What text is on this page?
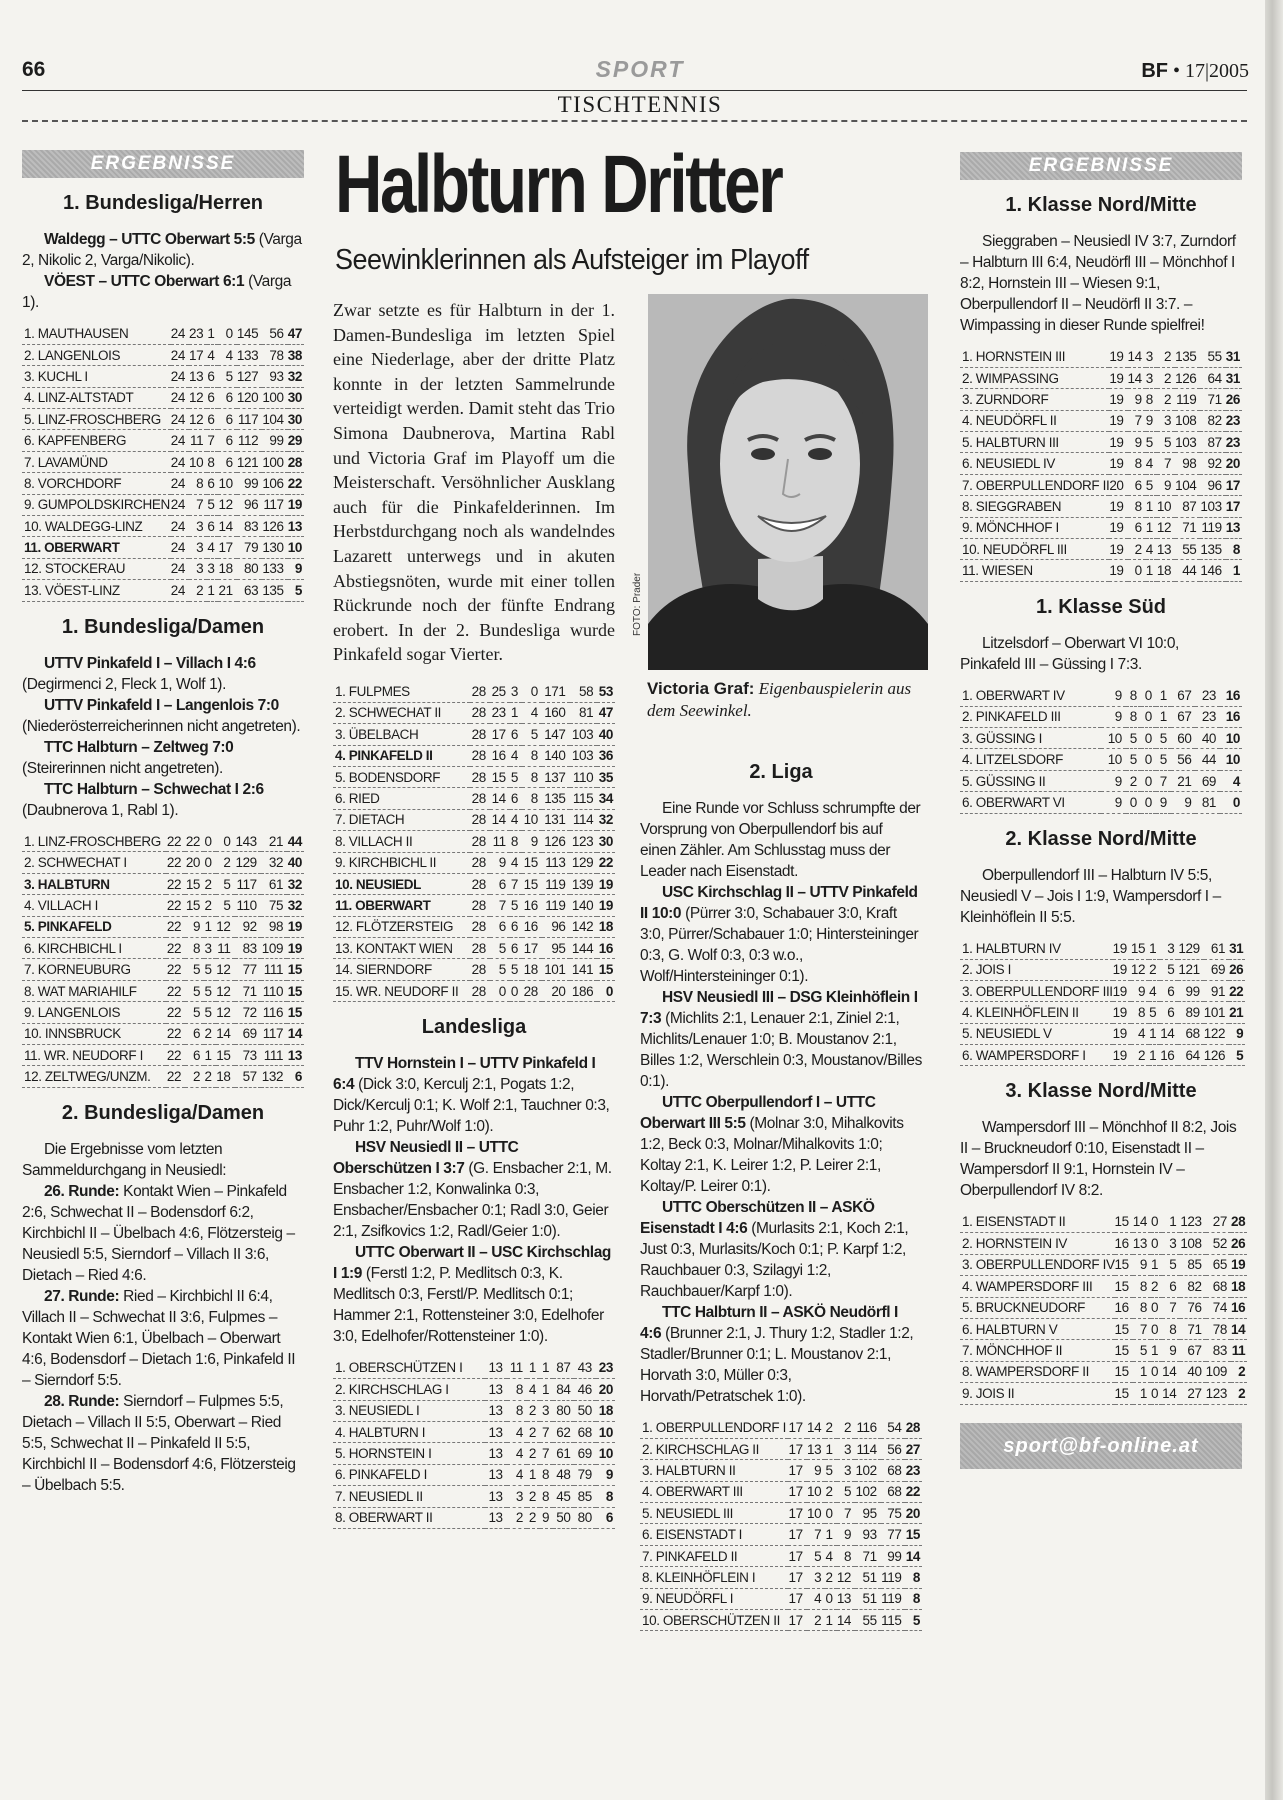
66	SPORT	BF • 17|2005
TISCHTENNIS
ERGEBNISSE
1. Bundesliga/Herren
Waldegg – UTTC Oberwart 5:5 (Varga 2, Nikolic 2, Varga/Nikolic).
VÖEST – UTTC Oberwart 6:1 (Varga 1).
1. MAUTHAUSEN	24	23	1	0	145	56	47
2. LANGENLOIS	24	17	4	4	133	78	38
3. KUCHL I	24	13	6	5	127	93	32
4. LINZ-ALTSTADT	24	12	6	6	120	100	30
5. LINZ-FROSCHBERG	24	12	6	6	117	104	30
6. KAPFENBERG	24	11	7	6	112	99	29
7. LAVAMÜND	24	10	8	6	121	100	28
8. VORCHDORF	24	8	6	10	99	106	22
9. GUMPOLDSKIRCHEN	24	7	5	12	96	117	19
10. WALDEGG-LINZ	24	3	6	14	83	126	13
11. OBERWART	24	3	4	17	79	130	10
12. STOCKERAU	24	3	3	18	80	133	9
13. VÖEST-LINZ	24	2	1	21	63	135	5
1. Bundesliga/Damen
UTTV Pinkafeld I – Villach I 4:6 (Degirmenci 2, Fleck 1, Wolf 1).
UTTV Pinkafeld I – Langenlois 7:0 (Niederösterreicherinnen nicht angetreten).
TTC Halbturn – Zeltweg 7:0 (Steirerinnen nicht angetreten).
TTC Halbturn – Schwechat I 2:6 (Daubnerova 1, Rabl 1).
1. LINZ-FROSCHBERG	22	22	0	0	143	21	44
2. SCHWECHAT I	22	20	0	2	129	32	40
3. HALBTURN	22	15	2	5	117	61	32
4. VILLACH I	22	15	2	5	110	75	32
5. PINKAFELD	22	9	1	12	92	98	19
6. KIRCHBICHL I	22	8	3	11	83	109	19
7. KORNEUBURG	22	5	5	12	77	111	15
8. WAT MARIAHILF	22	5	5	12	71	110	15
9. LANGENLOIS	22	5	5	12	72	116	15
10. INNSBRUCK	22	6	2	14	69	117	14
11. WR. NEUDORF I	22	6	1	15	73	111	13
12. ZELTWEG/UNZM.	22	2	2	18	57	132	6
2. Bundesliga/Damen
Die Ergebnisse vom letzten Sammeldurchgang in Neusiedl:
26. Runde: Kontakt Wien – Pinkafeld 2:6, Schwechat II – Bodensdorf 6:2, Kirchbichl II – Übelbach 4:6, Flötzersteig – Neusiedl 5:5, Sierndorf – Villach II 3:6, Dietach – Ried 4:6.
27. Runde: Ried – Kirchbichl II 6:4, Villach II – Schwechat II 3:6, Fulpmes – Kontakt Wien 6:1, Übelbach – Oberwart 4:6, Bodensdorf – Dietach 1:6, Pinkafeld II – Sierndorf 5:5.
28. Runde: Sierndorf – Fulpmes 5:5, Dietach – Villach II 5:5, Oberwart – Ried 5:5, Schwechat II – Pinkafeld II 5:5, Kirchbichl II – Bodensdorf 4:6, Flötzersteig – Übelbach 5:5.
Halbturn Dritter
Seewinklerinnen als Aufsteiger im Playoff
Zwar setzte es für Halbturn in der 1. Damen-Bundesliga im letzten Spiel eine Niederlage, aber der dritte Platz konnte in der letzten Sammelrunde verteidigt werden. Damit steht das Trio Simona Daubnerova, Martina Rabl und Victoria Graf im Playoff um die Meisterschaft. Versöhnlicher Ausklang auch für die Pinkafelderinnen. Im Herbstdurchgang noch als wandelndes Lazarett unterwegs und in akuten Abstiegsnöten, wurde mit einer tollen Rückrunde noch der fünfte Endrang erobert. In der 2. Bundesliga wurde Pinkafeld sogar Vierter.
1. FULPMES	28	25	3	0	171	58	53
2. SCHWECHAT II	28	23	1	4	160	81	47
3. ÜBELBACH	28	17	6	5	147	103	40
4. PINKAFELD II	28	16	4	8	140	103	36
5. BODENSDORF	28	15	5	8	137	110	35
6. RIED	28	14	6	8	135	115	34
7. DIETACH	28	14	4	10	131	114	32
8. VILLACH II	28	11	8	9	126	123	30
9. KIRCHBICHL II	28	9	4	15	113	129	22
10. NEUSIEDL	28	6	7	15	119	139	19
11. OBERWART	28	7	5	16	119	140	19
12. FLÖTZERSTEIG	28	6	6	16	96	142	18
13. KONTAKT WIEN	28	5	6	17	95	144	16
14. SIERNDORF	28	5	5	18	101	141	15
15. WR. NEUDORF II	28	0	0	28	20	186	0
Landesliga
TTV Hornstein I – UTTV Pinkafeld I 6:4 (Dick 3:0, Kerculj 2:1, Pogats 1:2, Dick/Kerculj 0:1; K. Wolf 2:1, Tauchner 0:3, Puhr 1:2, Puhr/Wolf 1:0).
HSV Neusiedl II – UTTC Oberschützen I 3:7 (G. Ensbacher 2:1, M. Ensbacher 1:2, Konwalinka 0:3, Ensbacher/Ensbacher 0:1; Radl 3:0, Geier 2:1, Zsifkovics 1:2, Radl/Geier 1:0).
UTTC Oberwart II – USC Kirchschlag I 1:9 (Ferstl 1:2, P. Medlitsch 0:3, K. Medlitsch 0:3, Ferstl/P. Medlitsch 0:1; Hammer 2:1, Rottensteiner 3:0, Edelhofer 3:0, Edelhofer/Rottensteiner 1:0).
1. OBERSCHÜTZEN I	13	11	1	1	87	43	23
2. KIRCHSCHLAG I	13	8	4	1	84	46	20
3. NEUSIEDL I	13	8	2	3	80	50	18
4. HALBTURN I	13	4	2	7	62	68	10
5. HORNSTEIN I	13	4	2	7	61	69	10
6. PINKAFELD I	13	4	1	8	48	79	9
7. NEUSIEDL II	13	3	2	8	45	85	8
8. OBERWART II	13	2	2	9	50	80	6
FOTO: Prader
Victoria Graf: Eigenbauspielerin aus dem Seewinkel.
2. Liga
Eine Runde vor Schluss schrumpfte der Vorsprung von Oberpullendorf bis auf einen Zähler. Am Schlusstag muss der Leader nach Eisenstadt.
USC Kirchschlag II – UTTV Pinkafeld II 10:0 (Pürrer 3:0, Schabauer 3:0, Kraft 3:0, Pürrer/Schabauer 1:0; Hintersteininger 0:3, G. Wolf 0:3, 0:3 w.o., Wolf/Hintersteininger 0:1).
HSV Neusiedl III – DSG Kleinhöflein I 7:3 (Michlits 2:1, Lenauer 2:1, Ziniel 2:1, Michlits/Lenauer 1:0; B. Moustanov 2:1, Billes 1:2, Werschlein 0:3, Moustanov/Billes 0:1).
UTTC Oberpullendorf I – UTTC Oberwart III 5:5 (Molnar 3:0, Mihalkovits 1:2, Beck 0:3, Molnar/Mihalkovits 1:0; Koltay 2:1, K. Leirer 1:2, P. Leirer 2:1, Koltay/P. Leirer 0:1).
UTTC Oberschützen II – ASKÖ Eisenstadt I 4:6 (Murlasits 2:1, Koch 2:1, Just 0:3, Murlasits/Koch 0:1; P. Karpf 1:2, Rauchbauer 0:3, Szilagyi 1:2, Rauchbauer/Karpf 1:0).
TTC Halbturn II – ASKÖ Neudörfl I 4:6 (Brunner 2:1, J. Thury 1:2, Stadler 1:2, Stadler/Brunner 0:1; L. Moustanov 2:1, Horvath 3:0, Müller 0:3, Horvath/Petratschek 1:0).
1. OBERPULLENDORF I	17	14	2	2	116	54	28
2. KIRCHSCHLAG II	17	13	1	3	114	56	27
3. HALBTURN II	17	9	5	3	102	68	23
4. OBERWART III	17	10	2	5	102	68	22
5. NEUSIEDL III	17	10	0	7	95	75	20
6. EISENSTADT I	17	7	1	9	93	77	15
7. PINKAFELD II	17	5	4	8	71	99	14
8. KLEINHÖFLEIN I	17	3	2	12	51	119	8
9. NEUDÖRFL I	17	4	0	13	51	119	8
10. OBERSCHÜTZEN II	17	2	1	14	55	115	5
ERGEBNISSE
1. Klasse Nord/Mitte
Sieggraben – Neusiedl IV 3:7, Zurndorf – Halbturn III 6:4, Neudörfl III – Mönchhof I 8:2, Hornstein III – Wiesen 9:1, Oberpullendorf II – Neudörfl II 3:7. – Wimpassing in dieser Runde spielfrei!
1. HORNSTEIN III	19	14	3	2	135	55	31
2. WIMPASSING	19	14	3	2	126	64	31
3. ZURNDORF	19	9	8	2	119	71	26
4. NEUDÖRFL II	19	7	9	3	108	82	23
5. HALBTURN III	19	9	5	5	103	87	23
6. NEUSIEDL IV	19	8	4	7	98	92	20
7. OBERPULLENDORF II	20	6	5	9	104	96	17
8. SIEGGRABEN	19	8	1	10	87	103	17
9. MÖNCHHOF I	19	6	1	12	71	119	13
10. NEUDÖRFL III	19	2	4	13	55	135	8
11. WIESEN	19	0	1	18	44	146	1
1. Klasse Süd
Litzelsdorf – Oberwart VI 10:0, Pinkafeld III – Güssing I 7:3.
1. OBERWART IV	9	8	0	1	67	23	16
2. PINKAFELD III	9	8	0	1	67	23	16
3. GÜSSING I	10	5	0	5	60	40	10
4. LITZELSDORF	10	5	0	5	56	44	10
5. GÜSSING II	9	2	0	7	21	69	4
6. OBERWART VI	9	0	0	9	9	81	0
2. Klasse Nord/Mitte
Oberpullendorf III – Halbturn IV 5:5, Neusiedl V – Jois I 1:9, Wampersdorf I – Kleinhöflein II 5:5.
1. HALBTURN IV	19	15	1	3	129	61	31
2. JOIS I	19	12	2	5	121	69	26
3. OBERPULLENDORF III	19	9	4	6	99	91	22
4. KLEINHÖFLEIN II	19	8	5	6	89	101	21
5. NEUSIEDL V	19	4	1	14	68	122	9
6. WAMPERSDORF I	19	2	1	16	64	126	5
3. Klasse Nord/Mitte
Wampersdorf III – Mönchhof II 8:2, Jois II – Bruckneudorf 0:10, Eisenstadt II – Wampersdorf II 9:1, Hornstein IV – Oberpullendorf IV 8:2.
1. EISENSTADT II	15	14	0	1	123	27	28
2. HORNSTEIN IV	16	13	0	3	108	52	26
3. OBERPULLENDORF IV	15	9	1	5	85	65	19
4. WAMPERSDORF III	15	8	2	6	82	68	18
5. BRUCKNEUDORF	16	8	0	7	76	74	16
6. HALBTURN V	15	7	0	8	71	78	14
7. MÖNCHHOF II	15	5	1	9	67	83	11
8. WAMPERSDORF II	15	1	0	14	40	109	2
9. JOIS II	15	1	0	14	27	123	2
sport@bf-online.at
